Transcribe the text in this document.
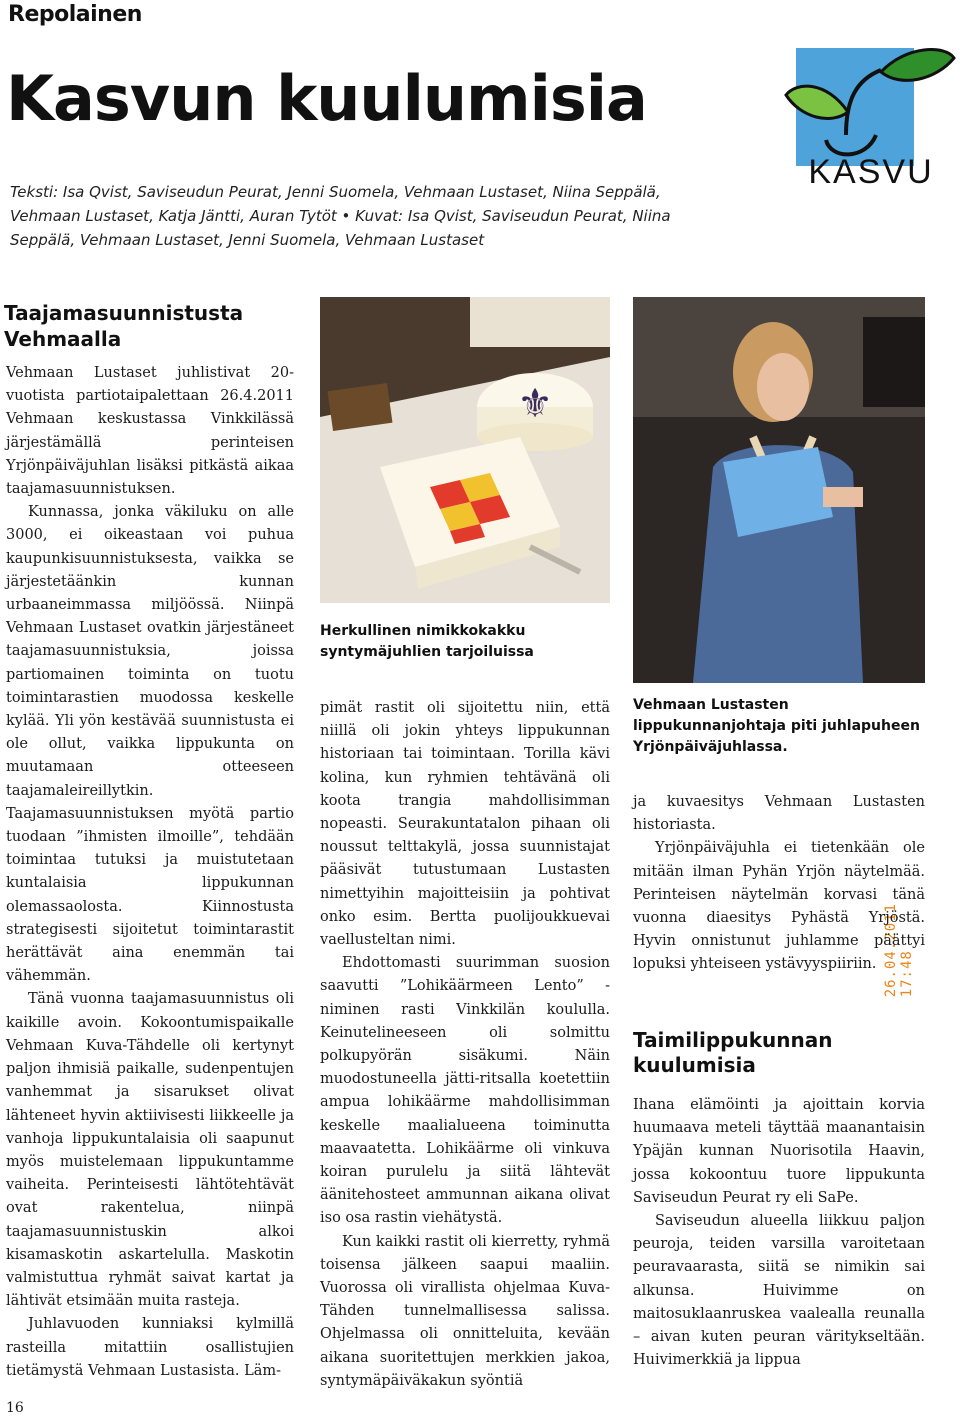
Repolainen
Kasvun kuulumisia
Teksti: Isa Qvist, Saviseudun Peurat, Jenni Suomela, Vehmaan Lustaset, Niina Seppälä, Vehmaan Lustaset, Katja Jäntti, Auran Tytöt • Kuvat: Isa Qvist, Saviseudun Peurat, Niina Seppälä, Vehmaan Lustaset, Jenni Suomela, Vehmaan Lustaset
KASVU
Taajamasuunnistusta Vehmaalla

Vehmaan Lustaset juhlistivat 20-vuotista partiotaipalettaan 26.4.2011 Vehmaan keskustassa Vinkkilässä järjestämällä perinteisen Yrjönpäiväjuhlan lisäksi pitkästä aikaa taajamasuunnistuksen.

Kunnassa, jonka väkiluku on alle 3000, ei oikeastaan voi puhua kaupunkisuunnistuksesta, vaikka se järjestetäänkin kunnan urbaaneimmassa miljöössä. Niinpä Vehmaan Lustaset ovatkin järjestäneet taajamasuunnistuksia, joissa partiomainen toiminta on tuotu toimintarastien muodossa keskelle kylää. Yli yön kestävää suunnistusta ei ole ollut, vaikka lippukunta on muutamaan otteeseen taajamaleireillytkin. Taajamasuunnistuksen myötä partio tuodaan ”ihmisten ilmoille”, tehdään toimintaa tutuksi ja muistutetaan kuntalaisia lippukunnan olemassaolosta. Kiinnostusta strategisesti sijoitetut toimintarastit herättävät aina enemmän tai vähemmän.

Tänä vuonna taajamasuunnistus oli kaikille avoin. Kokoontumispaikalle Vehmaan Kuva-Tähdelle oli kertynyt paljon ihmisiä paikalle, sudenpentujen vanhemmat ja sisarukset olivat lähteneet hyvin aktiivisesti liikkeelle ja vanhoja lippukuntalaisia oli saapunut myös muistelemaan lippukuntamme vaiheita. Perinteisesti lähtötehtävät ovat rakentelua, niinpä taajamasuunnistuskin alkoi kisamaskotin askartelulla. Maskotin valmistuttua ryhmät saivat kartat ja lähtivät etsimään muita rasteja.

Juhlavuoden kunniaksi kylmillä rasteilla mitattiin osallistujien tietämystä Vehmaan Lustasista. Läm-

⚜
Herkullinen nimikkokakku syntymäjuhlien tarjoiluissa

pimät rastit oli sijoitettu niin, että niillä oli jokin yhteys lippukunnan historiaan tai toimintaan. Torilla kävi kolina, kun ryhmien tehtävänä oli koota trangia mahdollisimman nopeasti. Seurakuntatalon pihaan oli noussut telttakylä, jossa suunnistajat pääsivät tutustumaan Lustasten nimettyihin majoitteisiin ja pohtivat onko esim. Bertta puolijoukkuevai vaellusteltan nimi.

Ehdottomasti suurimman suosion saavutti ”Lohikäärmeen Lento” -niminen rasti Vinkkilän koululla. Keinutelineeseen oli solmittu polkupyörän sisäkumi. Näin muodostuneella jätti-ritsalla koetettiin ampua lohikäärme mahdollisimman keskelle maalialueena toiminutta maavaatetta. Lohikäärme oli vinkuva koiran purulelu ja siitä lähtevät äänitehosteet ammunnan aikana olivat iso osa rastin viehätystä.

Kun kaikki rastit oli kierretty, ryhmä toisensa jälkeen saapui maaliin. Vuorossa oli virallista ohjelmaa Kuva-Tähden tunnelmallisessa salissa. Ohjelmassa oli onnitteluita, kevään aikana suoritettujen merkkien jakoa, syntymäpäiväkakun syöntiä

26.04.2011 17:48
Vehmaan Lustasten lippukunnanjohtaja piti juhlapuheen Yrjönpäiväjuhlassa.

ja kuvaesitys Vehmaan Lustasten historiasta.

Yrjönpäiväjuhla ei tietenkään ole mitään ilman Pyhän Yrjön näytelmää. Perinteisen näytelmän korvasi tänä vuonna diaesitys Pyhästä Yrjöstä. Hyvin onnistunut juhlamme päättyi lopuksi yhteiseen ystävyyspiiriin.

Taimilippukunnan kuulumisia

Ihana elämöinti ja ajoittain korvia huumaava meteli täyttää maanantaisin Ypäjän kunnan Nuorisotila Haavin, jossa kokoontuu tuore lippukunta Saviseudun Peurat ry eli SaPe.

Saviseudun alueella liikkuu paljon peuroja, teiden varsilla varoitetaan peuravaarasta, siitä se nimikin sai alkunsa. Huivimme on maitosuklaanruskea vaalealla reunalla – aivan kuten peuran väritykseltään. Huivimerkkiä ja lippua

16
